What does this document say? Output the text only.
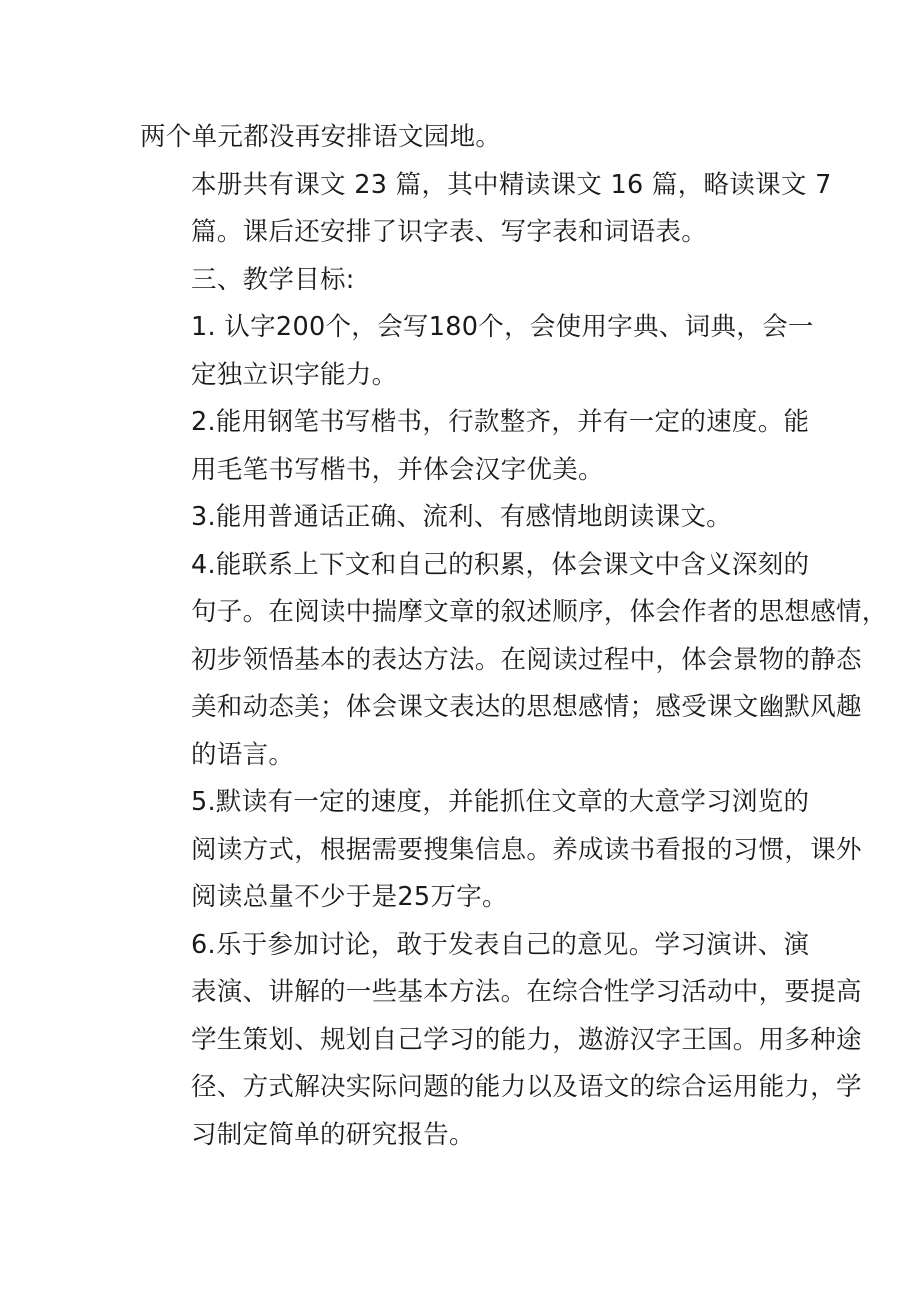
两个单元都没再安排语文园地。

本册共有课文 23 篇，其中精读课文 16 篇，略读课文 7
篇。课后还安排了识字表、写字表和词语表。

三、教学目标:

1. 认字200个，会写180个，会使用字典、词典，会一
定独立识字能力。

2.能用钢笔书写楷书，行款整齐，并有一定的速度。能
用毛笔书写楷书，并体会汉字优美。

3.能用普通话正确、流利、有感情地朗读课文。

4.能联系上下文和自己的积累，体会课文中含义深刻的
句子。在阅读中揣摩文章的叙述顺序，体会作者的思想感情，
初步领悟基本的表达方法。在阅读过程中，体会景物的静态
美和动态美；体会课文表达的思想感情；感受课文幽默风趣
的语言。

5.默读有一定的速度，并能抓住文章的大意学习浏览的
阅读方式，根据需要搜集信息。养成读书看报的习惯，课外
阅读总量不少于是25万字。

6.乐于参加讨论，敢于发表自己的意见。学习演讲、演
表演、讲解的一些基本方法。在综合性学习活动中，要提高
学生策划、规划自己学习的能力，遨游汉字王国。用多种途
径、方式解决实际问题的能力以及语文的综合运用能力，学
习制定简单的研究报告。
